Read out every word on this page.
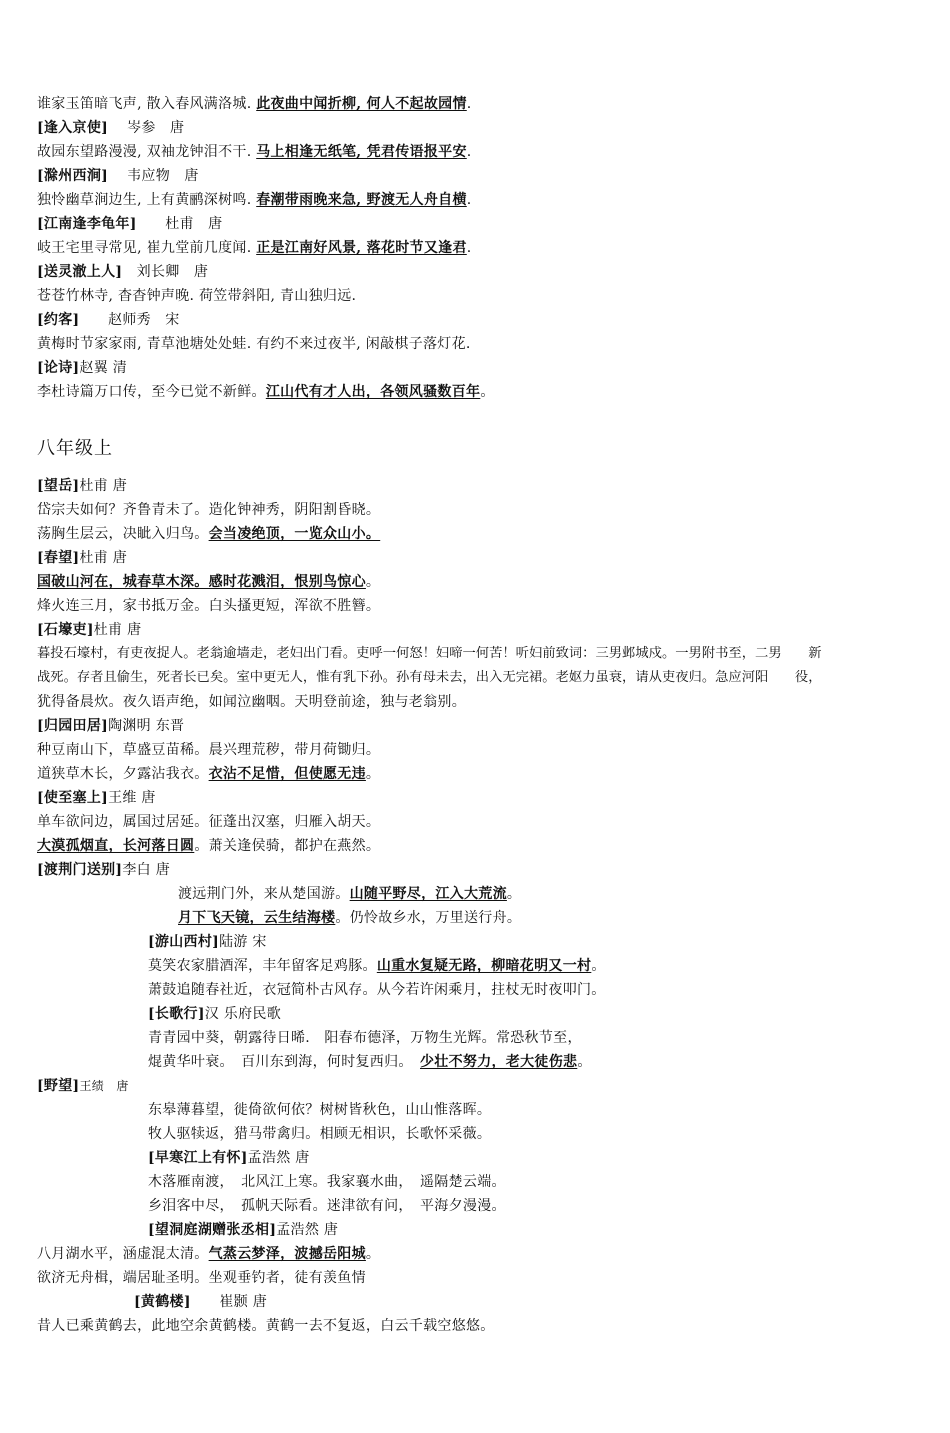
谁家玉笛暗飞声, 散入春风满洛城. 此夜曲中闻折柳, 何人不起故园情.
[逢入京使]　 岑参　唐
故园东望路漫漫, 双袖龙钟泪不干. 马上相逢无纸笔, 凭君传语报平安.
[滁州西涧]　 韦应物　唐
独怜幽草涧边生, 上有黄鹂深树鸣. 春潮带雨晚来急, 野渡无人舟自横.
[江南逢李龟年]　　 杜甫　唐
岐王宅里寻常见, 崔九堂前几度闻. 正是江南好风景, 落花时节又逢君.
[送灵澈上人]　 刘长卿　唐
苍苍竹林寺, 杳杳钟声晚. 荷笠带斜阳, 青山独归远.
[约客]　　 赵师秀　宋
黄梅时节家家雨, 青草池塘处处蛙. 有约不来过夜半, 闲敲棋子落灯花.
[论诗]赵翼 清
李杜诗篇万口传，至今已觉不新鲜。江山代有才人出，各领风骚数百年。
八年级上
[望岳]杜甫 唐
岱宗夫如何？齐鲁青未了。造化钟神秀，阴阳割昏晓。
荡胸生层云，决眦入归鸟。会当凌绝顶，一览众山小。
[春望]杜甫 唐
国破山河在，城春草木深。感时花溅泪，恨别鸟惊心。
烽火连三月，家书抵万金。白头搔更短，浑欲不胜簪。
[石壕吏]杜甫 唐
暮投石壕村，有吏夜捉人。老翁逾墙走，老妇出门看。吏呼一何怒！妇啼一何苦！听妇前致词：三男邺城戍。一男附书至，二男　　新
战死。存者且偷生，死者长已矣。室中更无人，惟有乳下孙。孙有母未去，出入无完裙。老妪力虽衰，请从吏夜归。急应河阳　　役，
犹得备晨炊。夜久语声绝，如闻泣幽咽。天明登前途，独与老翁别。
[归园田居]陶渊明 东晋
种豆南山下，草盛豆苗稀。晨兴理荒秽，带月荷锄归。
道狭草木长，夕露沾我衣。衣沾不足惜，但使愿无违。
[使至塞上]王维 唐
单车欲问边，属国过居延。征蓬出汉塞，归雁入胡天。
大漠孤烟直，长河落日圆。萧关逢侯骑，都护在燕然。
[渡荆门送别]李白 唐
渡远荆门外，来从楚国游。山随平野尽，江入大荒流。
月下飞天镜，云生结海楼。仍怜故乡水，万里送行舟。
[游山西村]陆游 宋
莫笑农家腊酒浑，丰年留客足鸡豚。山重水复疑无路，柳暗花明又一村。
萧鼓追随春社近，衣冠简朴古风存。从今若许闲乘月，拄杖无时夜叩门。
[长歌行]汉 乐府民歌
青青园中葵，朝露待日晞.　阳春布德泽，万物生光辉。常恐秋节至，
焜黄华叶衰。　百川东到海，何时复西归。　少壮不努力，老大徒伤悲。
[野望]王绩　唐
东皋薄暮望，徙倚欲何依？树树皆秋色，山山惟落晖。
牧人驱犊返，猎马带禽归。相顾无相识，长歌怀采薇。
[早寒江上有怀]孟浩然 唐
木落雁南渡，　北风江上寒。我家襄水曲，　遥隔楚云端。
乡泪客中尽，　孤帆天际看。迷津欲有问，　平海夕漫漫。
[望洞庭湖赠张丞相]孟浩然 唐
八月湖水平，涵虚混太清。气蒸云梦泽，波撼岳阳城。
欲济无舟楫，端居耻圣明。坐观垂钓者，徒有羡鱼情
[黄鹤楼]　　 崔颢 唐
昔人已乘黄鹤去，此地空余黄鹤楼。黄鹤一去不复返，白云千载空悠悠。
